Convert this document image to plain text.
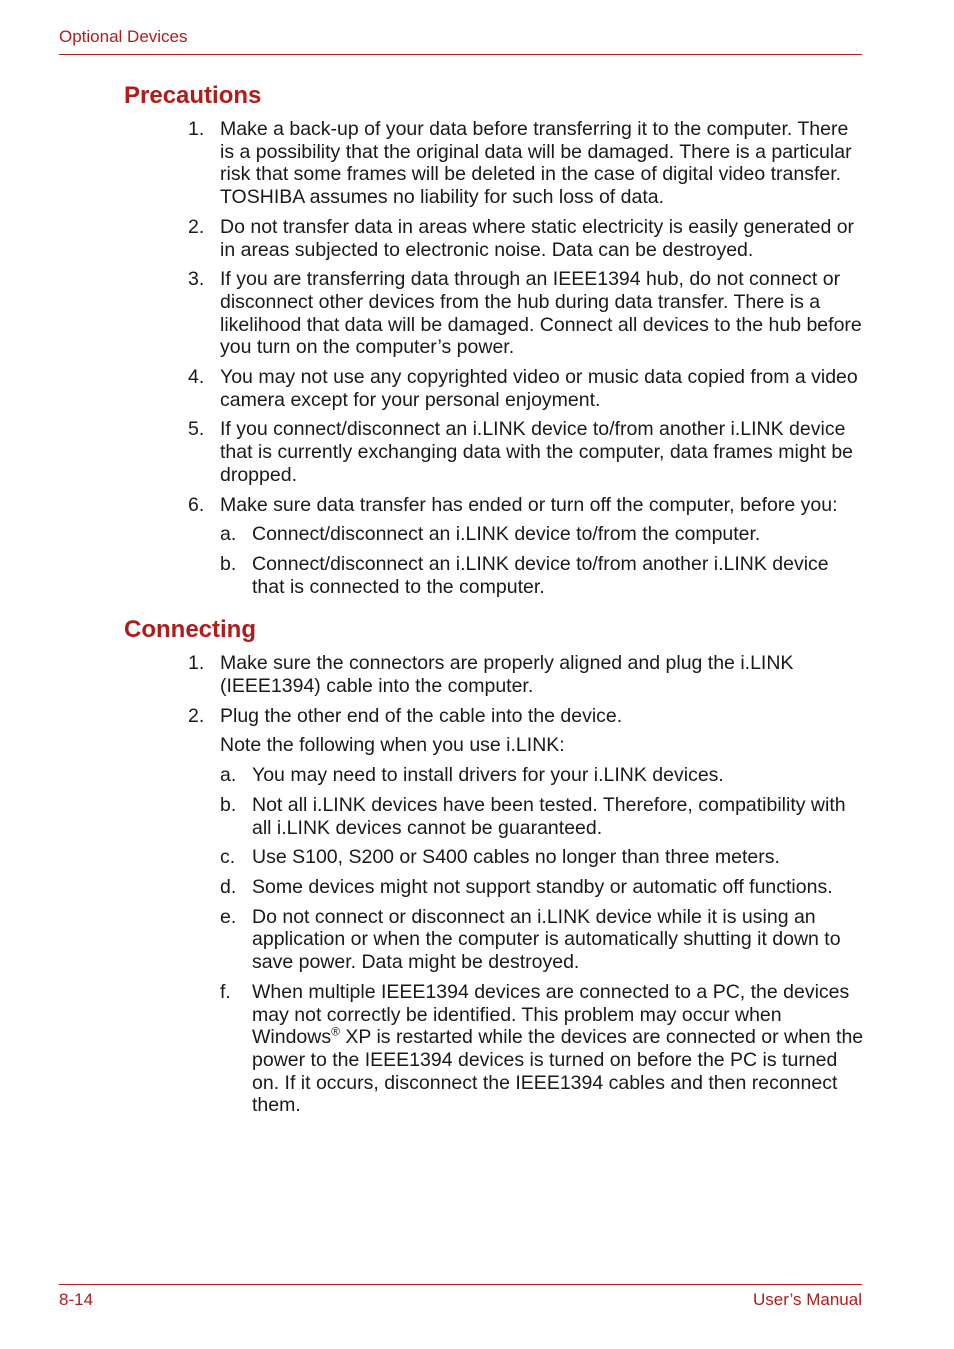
Optional Devices
Precautions
1. Make a back-up of your data before transferring it to the computer. There is a possibility that the original data will be damaged. There is a particular risk that some frames will be deleted in the case of digital video transfer. TOSHIBA assumes no liability for such loss of data.
2. Do not transfer data in areas where static electricity is easily generated or in areas subjected to electronic noise. Data can be destroyed.
3. If you are transferring data through an IEEE1394 hub, do not connect or disconnect other devices from the hub during data transfer. There is a likelihood that data will be damaged. Connect all devices to the hub before you turn on the computer’s power.
4. You may not use any copyrighted video or music data copied from a video camera except for your personal enjoyment.
5. If you connect/disconnect an i.LINK device to/from another i.LINK device that is currently exchanging data with the computer, data frames might be dropped.
6. Make sure data transfer has ended or turn off the computer, before you:
a. Connect/disconnect an i.LINK device to/from the computer.
b. Connect/disconnect an i.LINK device to/from another i.LINK device that is connected to the computer.
Connecting
1. Make sure the connectors are properly aligned and plug the i.LINK (IEEE1394) cable into the computer.
2. Plug the other end of the cable into the device.
Note the following when you use i.LINK:
a. You may need to install drivers for your i.LINK devices.
b. Not all i.LINK devices have been tested. Therefore, compatibility with all i.LINK devices cannot be guaranteed.
c. Use S100, S200 or S400 cables no longer than three meters.
d. Some devices might not support standby or automatic off functions.
e. Do not connect or disconnect an i.LINK device while it is using an application or when the computer is automatically shutting it down to save power. Data might be destroyed.
f. When multiple IEEE1394 devices are connected to a PC, the devices may not correctly be identified. This problem may occur when Windows® XP is restarted while the devices are connected or when the power to the IEEE1394 devices is turned on before the PC is turned on. If it occurs, disconnect the IEEE1394 cables and then reconnect them.
8-14	User’s Manual
